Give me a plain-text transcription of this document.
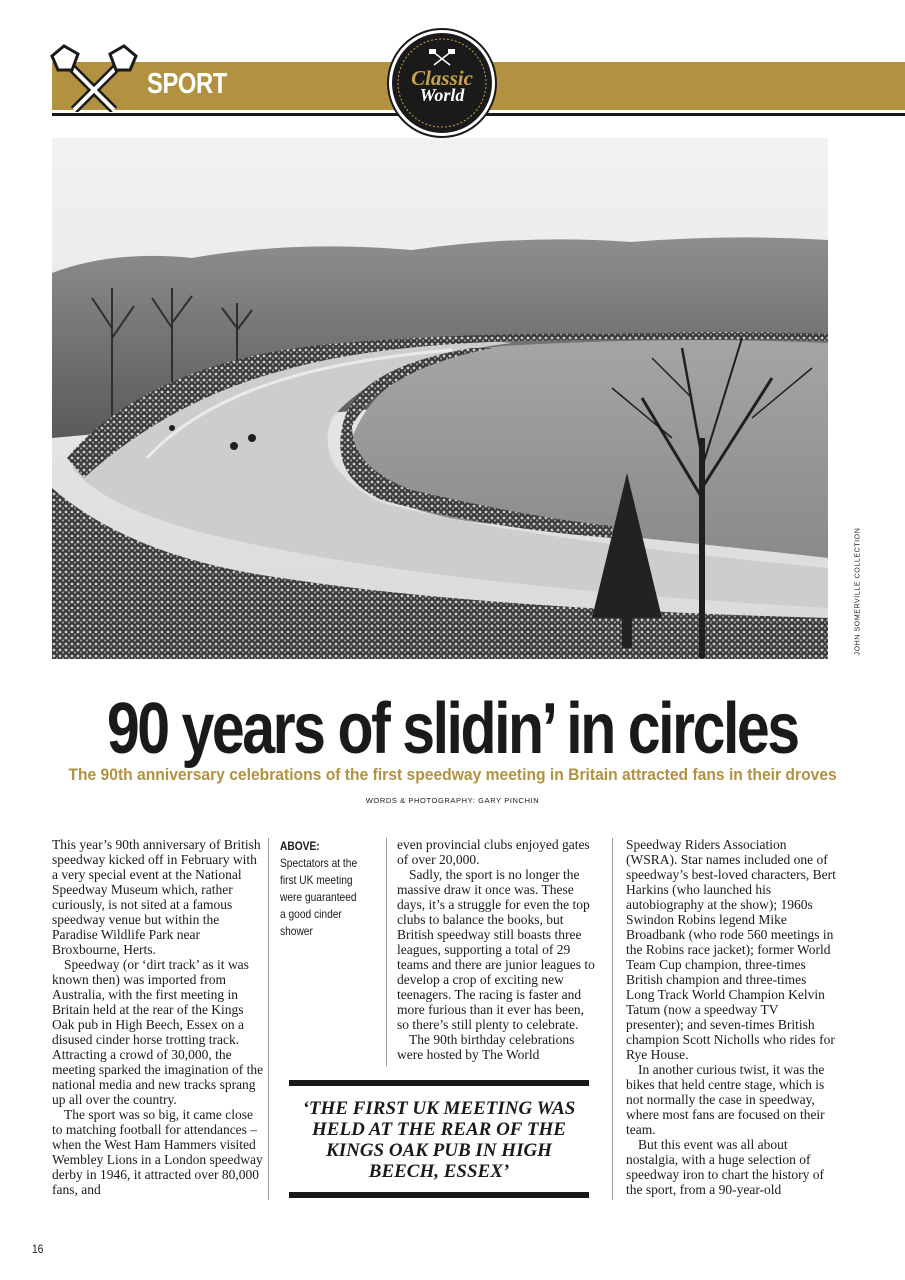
SPORT	Classic
World
JOHN SOMERVILLE COLLECTION
90 years of slidin’ in circles
The 90th anniversary celebrations of the first speedway meeting in Britain attracted fans in their droves
WORDS & PHOTOGRAPHY: GARY PINCHIN

This year’s 90th anniversary of British speedway kicked off in February with a very special event at the National Speedway Museum which, rather curiously, is not sited at a famous speedway venue but within the Paradise Wildlife Park near Broxbourne, Herts.

Speedway (or ‘dirt track’ as it was known then) was imported from Australia, with the first meeting in Britain held at the rear of the Kings Oak pub in High Beech, Essex on a disused cinder horse trotting track. Attracting a crowd of 30,000, the meeting sparked the imagination of the national media and new tracks sprang up all over the country.

The sport was so big, it came close to matching football for attendances – when the West Ham Hammers visited Wembley Lions in a London speedway derby in 1946, it attracted over 80,000 fans, and

ABOVE: Spectators at the first UK meeting were guaranteed a good cinder shower

even provincial clubs enjoyed gates of over 20,000.

Sadly, the sport is no longer the massive draw it once was. These days, it’s a struggle for even the top clubs to balance the books, but British speedway still boasts three leagues, supporting a total of 29 teams and there are junior leagues to develop a crop of exciting new teenagers. The racing is faster and more furious than it ever has been, so there’s still plenty to celebrate.

The 90th birthday celebrations were hosted by The World

Speedway Riders Association (WSRA). Star names included one of speedway’s best-loved characters, Bert Harkins (who launched his autobiography at the show); 1960s Swindon Robins legend Mike Broadbank (who rode 560 meetings in the Robins race jacket); former World Team Cup champion, three-times British champion and three-times Long Track World Champion Kelvin Tatum (now a speedway TV presenter); and seven-times British champion Scott Nicholls who rides for Rye House.

In another curious twist, it was the bikes that held centre stage, which is not normally the case in speedway, where most fans are focused on their team.

But this event was all about nostalgia, with a huge selection of speedway iron to chart the history of the sport, from a 90-year-old

‘THE FIRST UK MEETING WAS HELD AT THE REAR OF THE KINGS OAK PUB IN HIGH BEECH, ESSEX’
16
